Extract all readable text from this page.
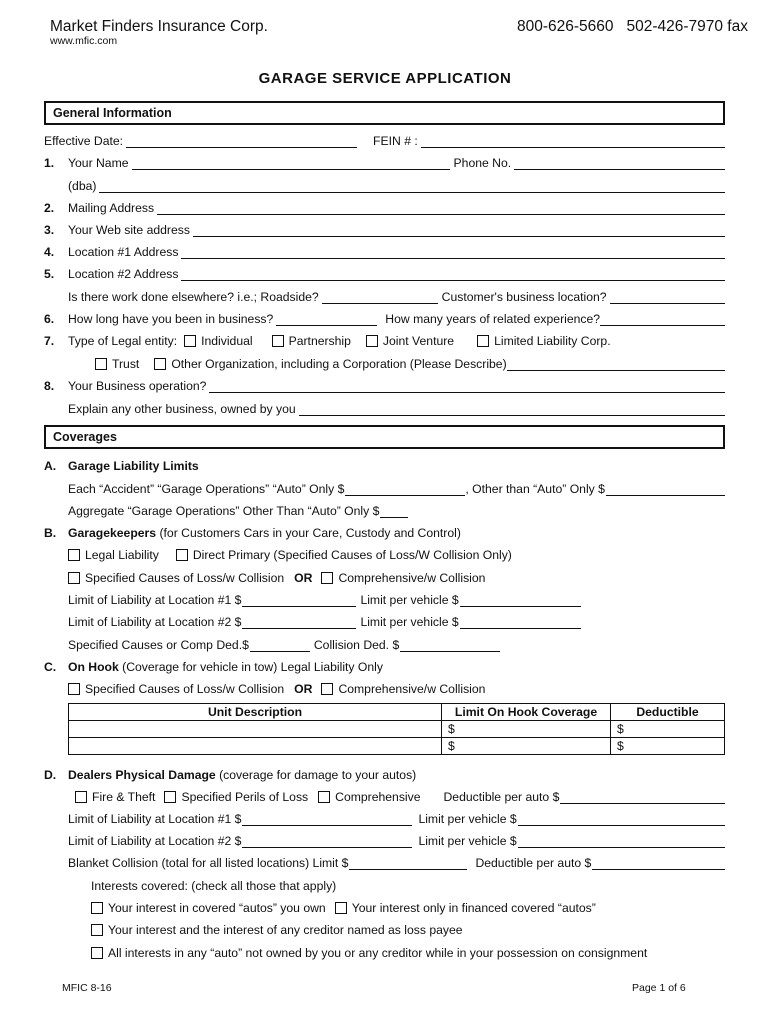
Market Finders Insurance Corp.
www.mfic.com
800-626-5660 502-426-7970 fax
GARAGE SERVICE APPLICATION
General Information
Effective Date:	FEIN # :
1.	Your Name	Phone No.
(dba)
2.	Mailing Address
3.	Your Web site address
4.	Location #1 Address
5.	Location #2 Address
Is there work done elsewhere? i.e.; Roadside?	Customer's business location?
6.	How long have you been in business?	How many years of related experience?
7.	Type of Legal entity: Individual	Partnership	Joint Venture	Limited Liability Corp.
Trust	Other Organization, including a Corporation (Please Describe)
8.	Your Business operation?
Explain any other business, owned by you
Coverages
A. Garage Liability Limits
Each “Accident” “Garage Operations” “Auto” Only $	, Other than “Auto” Only $
Aggregate “Garage Operations” Other Than “Auto” Only $
B. Garagekeepers (for Customers Cars in your Care, Custody and Control)
Legal Liability	Direct Primary (Specified Causes of Loss/W Collision Only)
Specified Causes of Loss/w Collision OR Comprehensive/w Collision
Limit of Liability at Location #1 $	Limit per vehicle $
Limit of Liability at Location #2 $	Limit per vehicle $
Specified Causes or Comp Ded.$	Collision Ded. $
C. On Hook (Coverage for vehicle in tow) Legal Liability Only
Specified Causes of Loss/w Collision OR Comprehensive/w Collision
Unit Description	Limit On Hook Coverage	Deductible
	$	$
	$	$
D. Dealers Physical Damage (coverage for damage to your autos)
Fire & Theft Specified Perils of Loss Comprehensive Deductible per auto $
Limit of Liability at Location #1 $	Limit per vehicle $
Limit of Liability at Location #2 $	Limit per vehicle $
Blanket Collision (total for all listed locations) Limit $	Deductible per auto $
Interests covered: (check all those that apply)
Your interest in covered “autos” you own Your interest only in financed covered “autos”
Your interest and the interest of any creditor named as loss payee
All interests in any “auto” not owned by you or any creditor while in your possession on consignment
MFIC 8-16	Page 1 of 6
